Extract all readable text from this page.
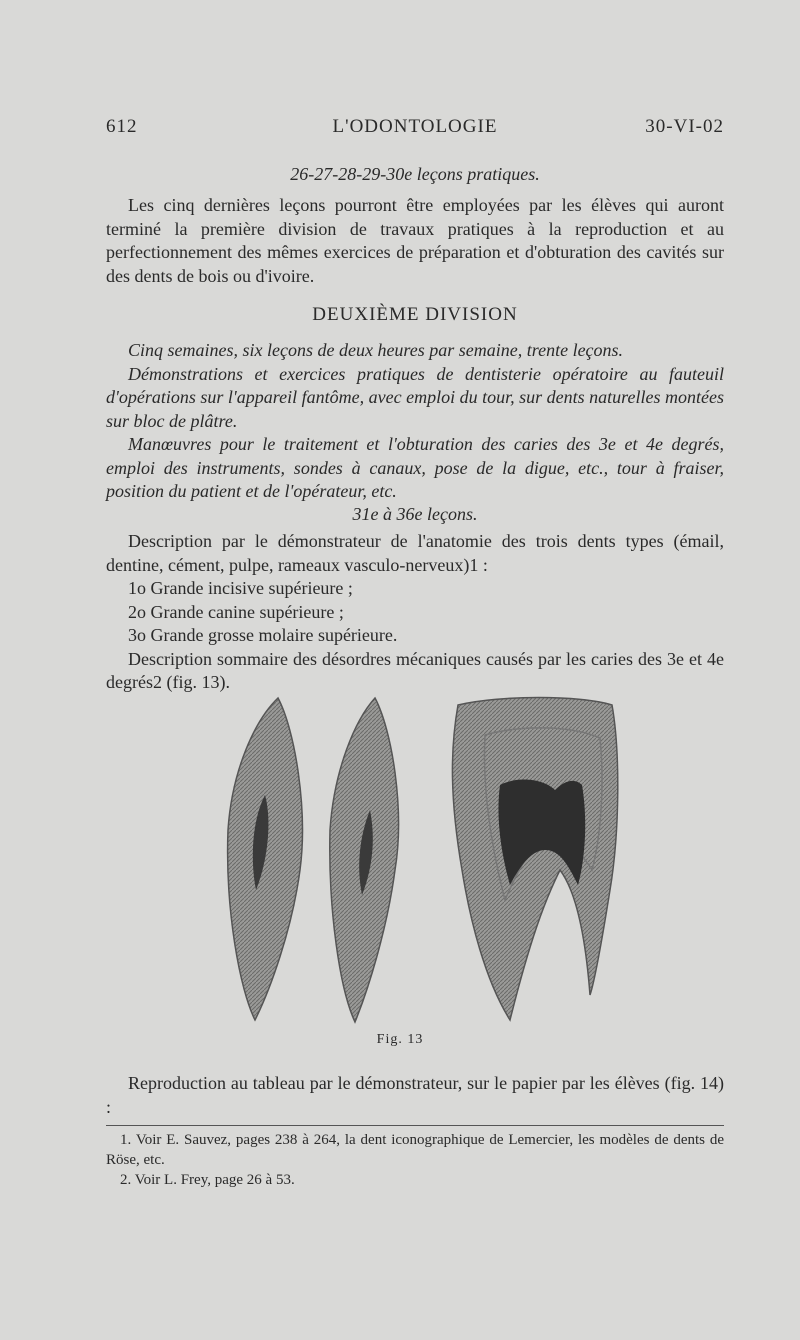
612	L'ODONTOLOGIE	30-VI-02
26-27-28-29-30e leçons pratiques.

Les cinq dernières leçons pourront être employées par les élèves qui auront terminé la première division de travaux pratiques à la reproduction et au perfectionnement des mêmes exercices de préparation et d'obturation des cavités sur des dents de bois ou d'ivoire.

DEUXIÈME DIVISION

Cinq semaines, six leçons de deux heures par semaine, trente leçons.

Démonstrations et exercices pratiques de dentisterie opératoire au fauteuil d'opérations sur l'appareil fantôme, avec emploi du tour, sur dents naturelles montées sur bloc de plâtre.

Manœuvres pour le traitement et l'obturation des caries des 3e et 4e degrés, emploi des instruments, sondes à canaux, pose de la digue, etc., tour à fraiser, position du patient et de l'opérateur, etc.

31e à 36e leçons.

Description par le démonstrateur de l'anatomie des trois dents types (émail, dentine, cément, pulpe, rameaux vasculo-nerveux)1 :

1o Grande incisive supérieure ;

2o Grande canine supérieure ;

3o Grande grosse molaire supérieure.

Description sommaire des désordres mécaniques causés par les caries des 3e et 4e degrés2 (fig. 13).

Fig. 13

Reproduction au tableau par le démonstrateur, sur le papier par les élèves (fig. 14) :

1. Voir E. Sauvez, pages 238 à 264, la dent iconographique de Lemercier, les modèles de dents de Röse, etc.

2. Voir L. Frey, page 26 à 53.
